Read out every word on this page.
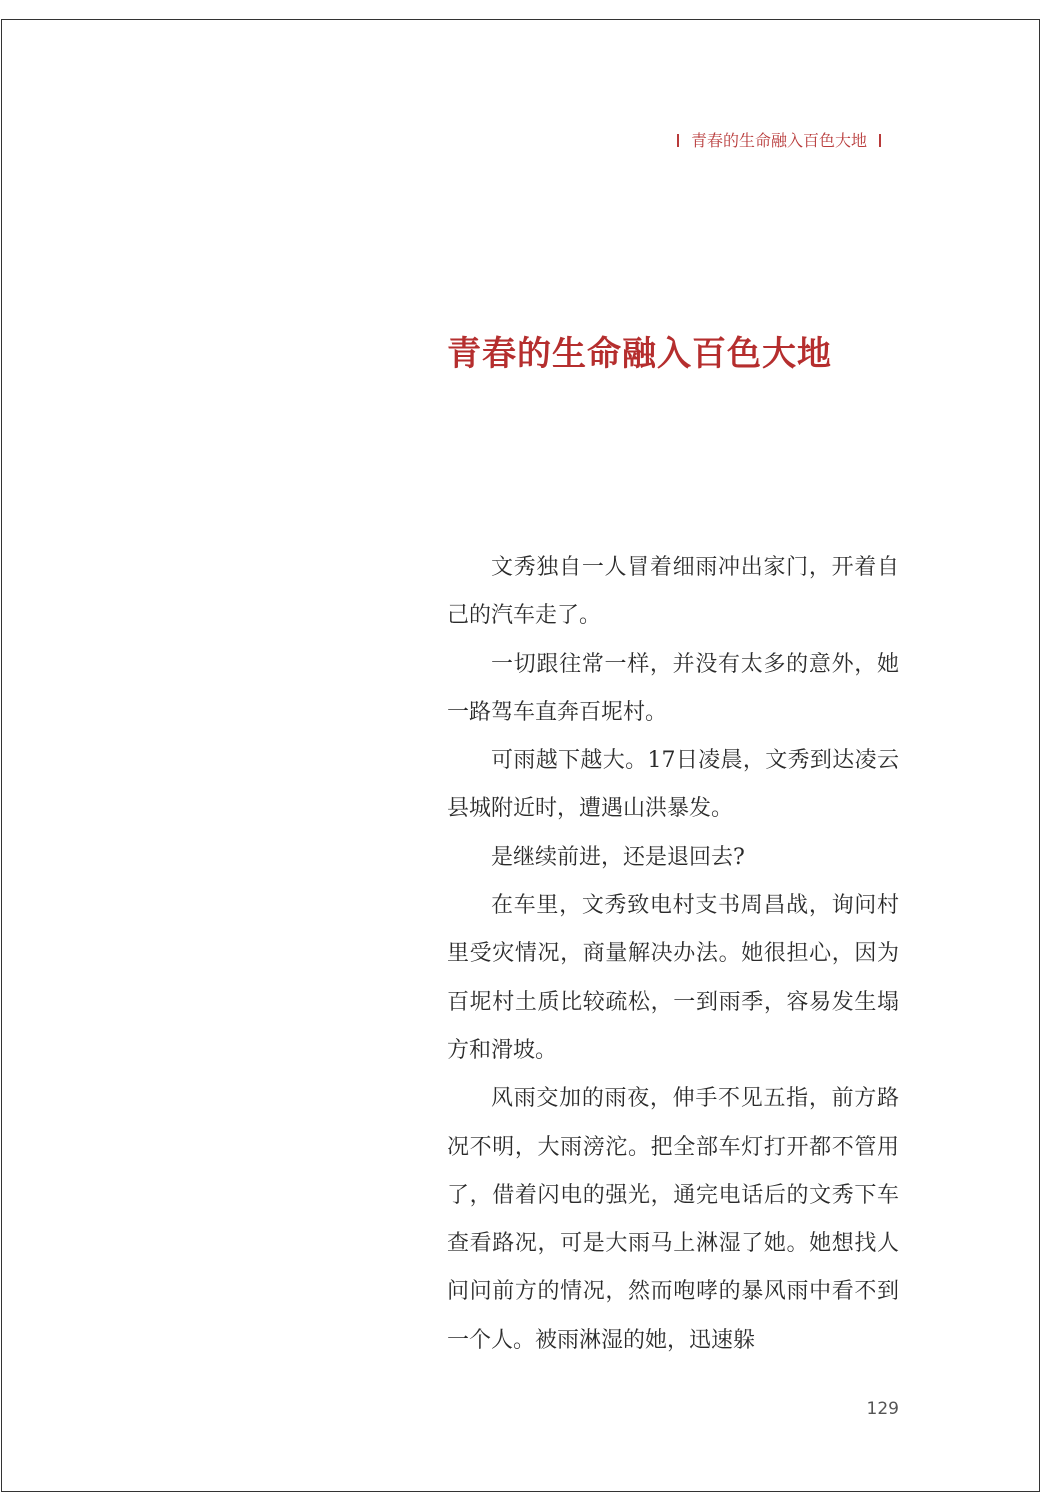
青春的生命融入百色大地
青春的生命融入百色大地

文秀独自一人冒着细雨冲出家门，开着自己的汽车走了。

一切跟往常一样，并没有太多的意外，她一路驾车直奔百坭村。

可雨越下越大。17日凌晨，文秀到达凌云县城附近时，遭遇山洪暴发。

是继续前进，还是退回去?

在车里，文秀致电村支书周昌战，询问村里受灾情况，商量解决办法。她很担心，因为百坭村土质比较疏松，一到雨季，容易发生塌方和滑坡。

风雨交加的雨夜，伸手不见五指，前方路况不明，大雨滂沱。把全部车灯打开都不管用了，借着闪电的强光，通完电话后的文秀下车查看路况，可是大雨马上淋湿了她。她想找人问问前方的情况，然而咆哮的暴风雨中看不到一个人。被雨淋湿的她，迅速躲

129
